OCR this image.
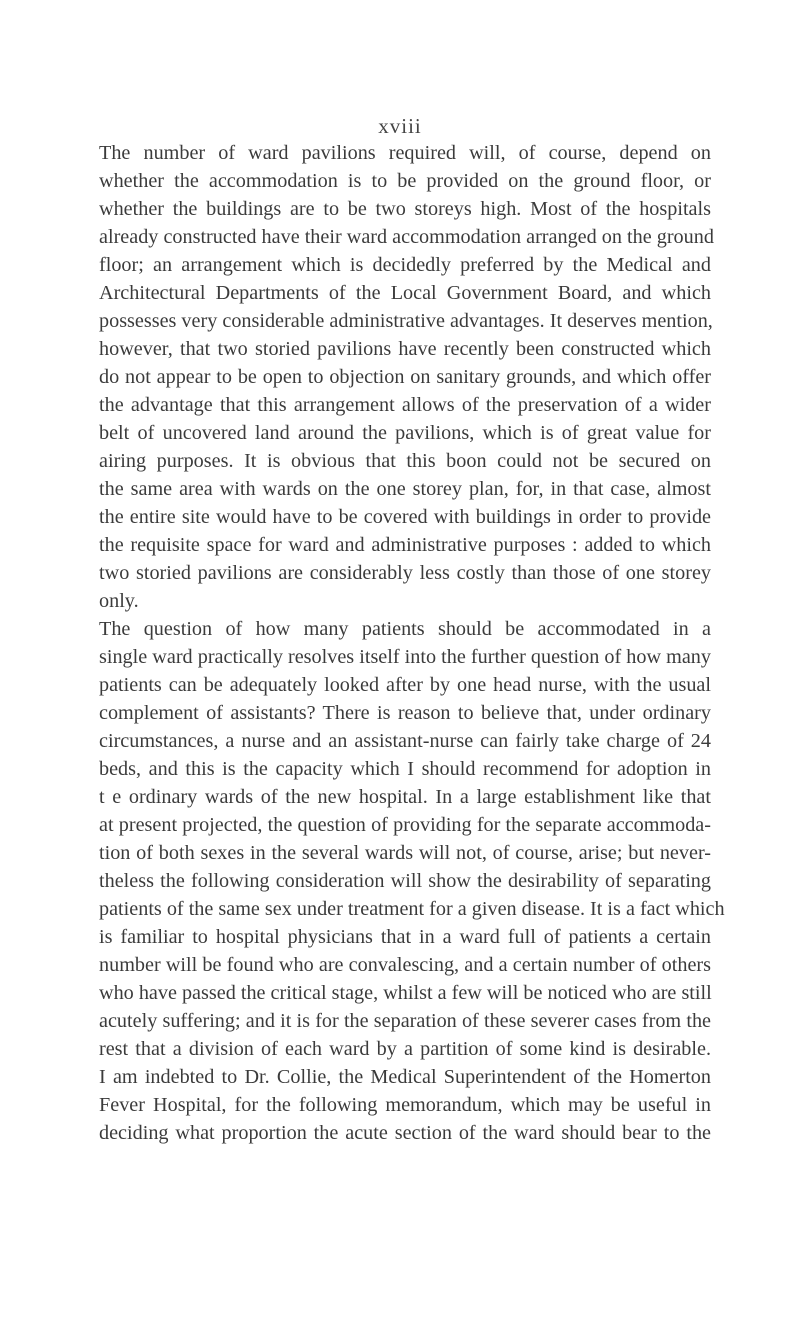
xviii
The number of ward pavilions required will, of course, depend on
whether the accommodation is to be provided on the ground floor, or
whether the buildings are to be two storeys high. Most of the hospitals
already constructed have their ward accommodation arranged on the ground
floor; an arrangement which is decidedly preferred by the Medical and
Architectural Departments of the Local Government Board, and which
possesses very considerable administrative advantages. It deserves mention,
however, that two storied pavilions have recently been constructed which
do not appear to be open to objection on sanitary grounds, and which offer
the advantage that this arrangement allows of the preservation of a wider
belt of uncovered land around the pavilions, which is of great value for
airing purposes. It is obvious that this boon could not be secured on
the same area with wards on the one storey plan, for, in that case, almost
the entire site would have to be covered with buildings in order to provide
the requisite space for ward and administrative purposes : added to which
two storied pavilions are considerably less costly than those of one storey
only.
The question of how many patients should be accommodated in a
single ward practically resolves itself into the further question of how many
patients can be adequately looked after by one head nurse, with the usual
complement of assistants? There is reason to believe that, under ordinary
circumstances, a nurse and an assistant-nurse can fairly take charge of 24
beds, and this is the capacity which I should recommend for adoption in
t e ordinary wards of the new hospital. In a large establishment like that
at present projected, the question of providing for the separate accommoda-
tion of both sexes in the several wards will not, of course, arise; but never-
theless the following consideration will show the desirability of separating
patients of the same sex under treatment for a given disease. It is a fact which
is familiar to hospital physicians that in a ward full of patients a certain
number will be found who are convalescing, and a certain number of others
who have passed the critical stage, whilst a few will be noticed who are still
acutely suffering; and it is for the separation of these severer cases from the
rest that a division of each ward by a partition of some kind is desirable.
I am indebted to Dr. Collie, the Medical Superintendent of the Homerton
Fever Hospital, for the following memorandum, which may be useful in
deciding what proportion the acute section of the ward should bear to the
